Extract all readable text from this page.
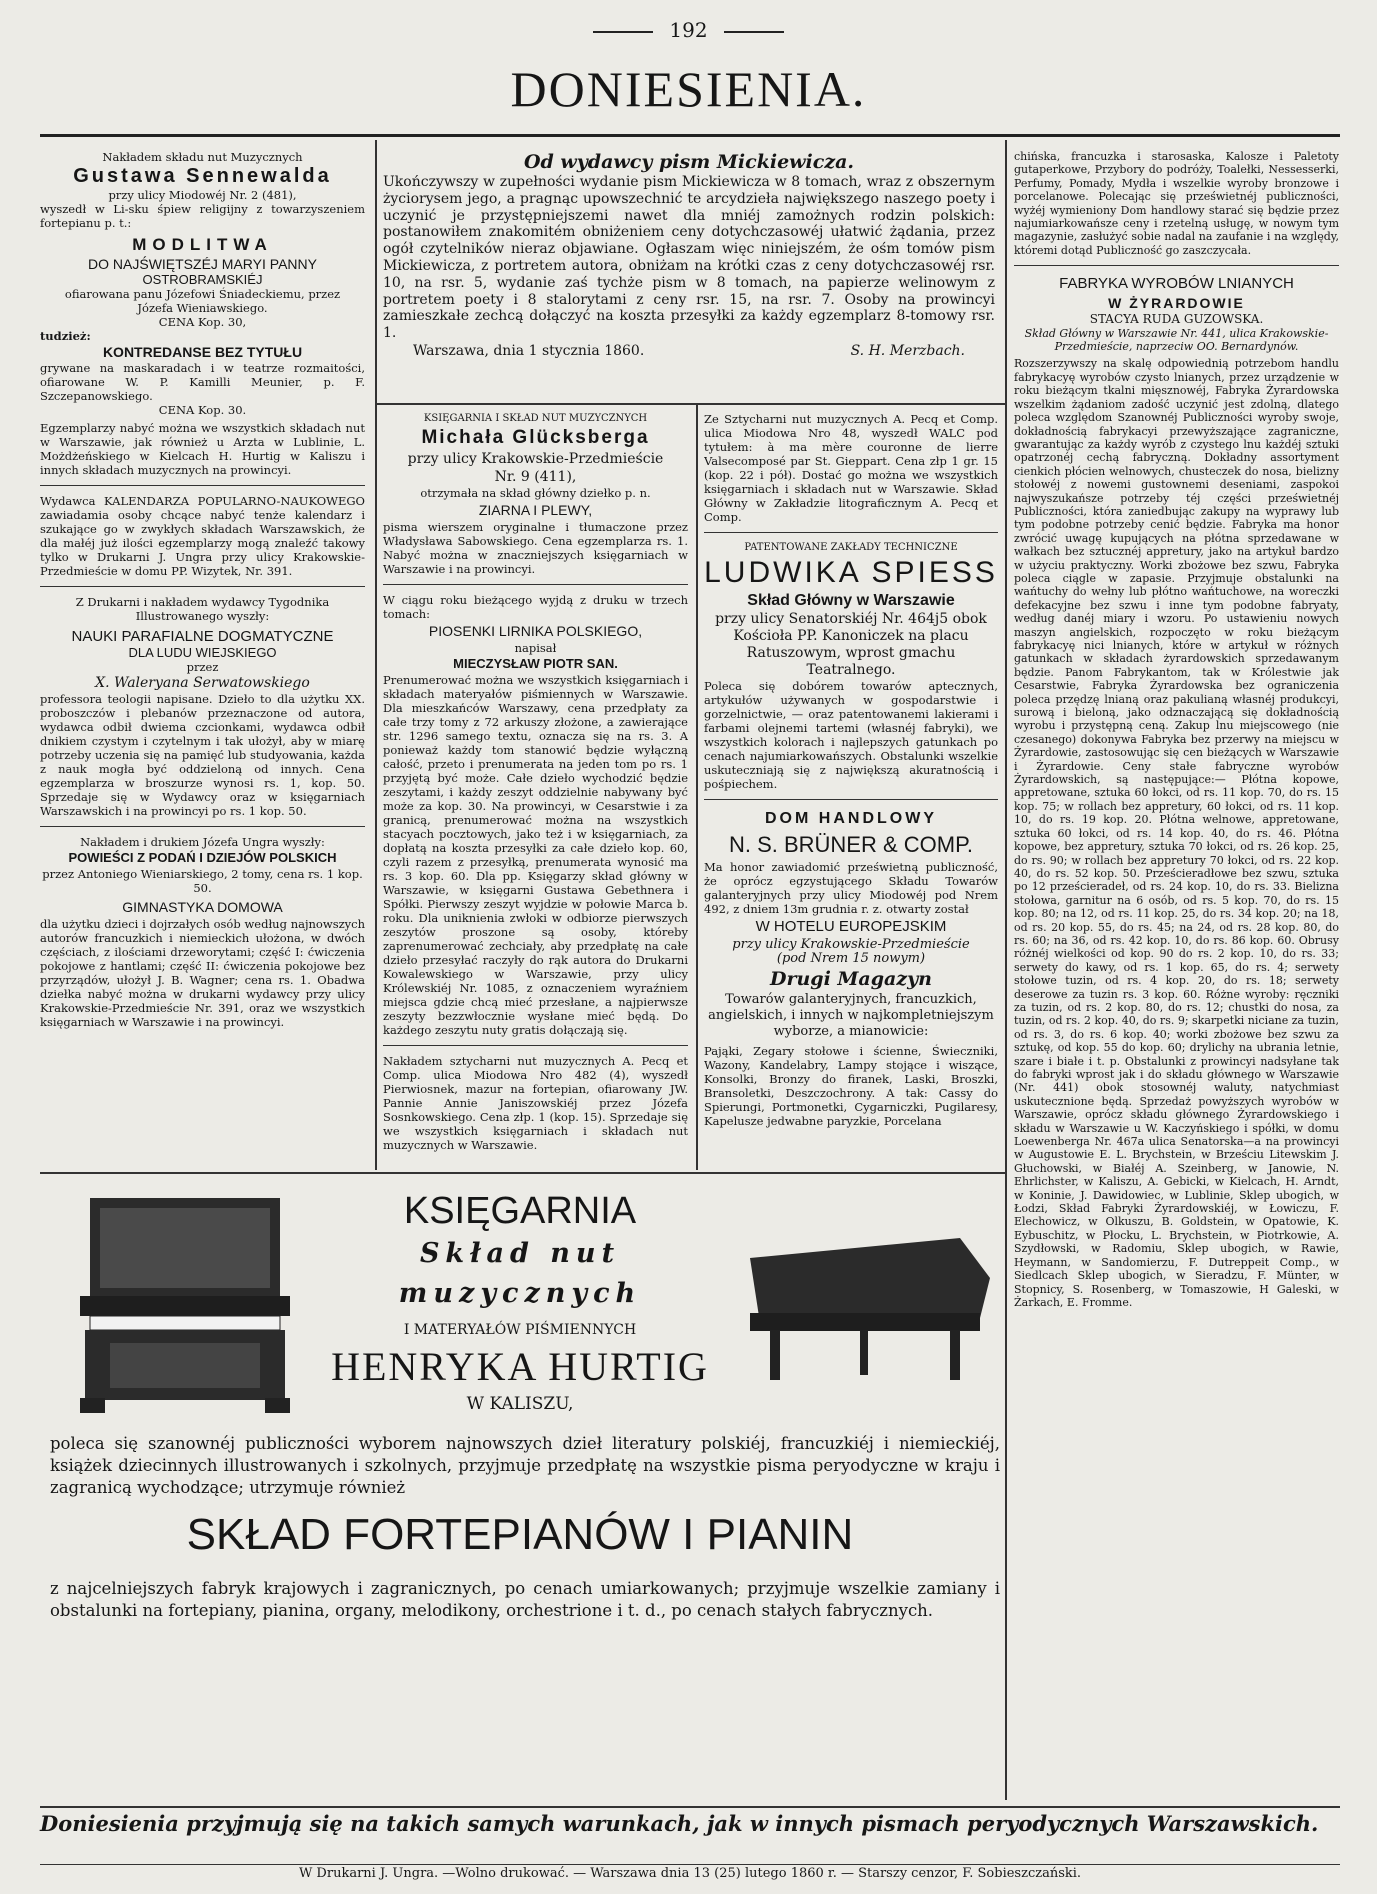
192
DONIESIENIA.
Nakładem składu nut Muzycznych
Gustawa Sennewalda
przy ulicy Miodowéj Nr. 2 (481),
wyszedł w Li-sku śpiew religijny z towarzyszeniem fortepianu p. t.:
MODLITWA
DO NAJŚWIĘTSZÉJ MARYI PANNY
OSTROBRAMSKIÉJ
ofiarowana panu Józefowi Śniadeckiemu, przez
Józefa Wieniawskiego.
CENA Kop. 30,
tudzież:
KONTREDANSE BEZ TYTUŁU
grywane na maskaradach i w teatrze rozmaitości, ofiarowane W. P. Kamilli Meunier, p. F. Szczepanowskiego.
CENA Kop. 30.
Egzemplarzy nabyć można we wszystkich składach nut w Warszawie, jak również u Arzta w Lublinie, L. Możdżeńskiego w Kielcach H. Hurtig w Kaliszu i innych składach muzycznych na prowincyi.
Wydawca KALENDARZA POPULARNO-NAUKOWEGO zawiadamia osoby chcące nabyć tenże kalendarz i szukające go w zwykłych składach Warszawskich, że dla małéj już ilości egzemplarzy mogą znaleźć takowy tylko w Drukarni J. Ungra przy ulicy Krakowskie-Przedmieście w domu PP. Wizytek, Nr. 391.
Z Drukarni i nakładem wydawcy Tygodnika Illustrowanego wyszły:
NAUKI PARAFIALNE DOGMATYCZNE
DLA LUDU WIEJSKIEGO
przez
X. Waleryana Serwatowskiego
professora teologii napisane. Dzieło to dla użytku XX. proboszczów i plebanów przeznaczone od autora, wydawca odbił dwiema czcionkami, wydawca odbił dnikiem czystym i czytelnym i tak ułożył, aby w miarę potrzeby uczenia się na pamięć lub studyowania, każda z nauk mogła być oddzieloną od innych. Cena egzemplarza w broszurze wynosi rs. 1, kop. 50. Sprzedaje się w Wydawcy oraz w księgarniach Warszawskich i na prowincyi po rs. 1 kop. 50.
Nakładem i drukiem Józefa Ungra wyszły:
POWIEŚCI Z PODAŃ I DZIEJÓW POLSKICH
przez Antoniego Wieniarskiego, 2 tomy, cena rs. 1 kop. 50.
GIMNASTYKA DOMOWA
dla użytku dzieci i dojrzałych osób według najnowszych autorów francuzkich i niemieckich ułożona, w dwóch częściach, z ilościami drzeworytami; część I: ćwiczenia pokojowe z hantlami; część II: ćwiczenia pokojowe bez przyrządów, ułożył J. B. Wagner; cena rs. 1. Obadwa dziełka nabyć można w drukarni wydawcy przy ulicy Krakowskie-Przedmieście Nr. 391, oraz we wszystkich księgarniach w Warszawie i na prowincyi.
Od wydawcy pism Mickiewicza.
Ukończywszy w zupełności wydanie pism Mickiewicza w 8 tomach, wraz z obszernym życiorysem jego, a pragnąc upowszechnić te arcydzieła największego naszego poety i uczynić je przystępniejszemi nawet dla mniéj zamożnych rodzin polskich: postanowiłem znakomitém obniżeniem ceny dotychczasowéj ułatwić żądania, przez ogół czytelników nieraz objawiane. Ogłaszam więc niniejszém, że ośm tomów pism Mickiewicza, z portretem autora, obniżam na krótki czas z ceny dotychczasowéj rsr. 10, na rsr. 5, wydanie zaś tychże pism w 8 tomach, na papierze welinowym z portretem poety i 8 stalorytami z ceny rsr. 15, na rsr. 7. Osoby na prowincyi zamieszkałe zechcą dołączyć na koszta przesyłki za każdy egzemplarz 8-tomowy rsr. 1.
Warszawa, dnia 1 stycznia 1860.	S. H. Merzbach.
KSIĘGARNIA I SKŁAD NUT MUZYCZNYCH
Michała Glücksberga
przy ulicy Krakowskie-Przedmieście
Nr. 9 (411),
otrzymała na skład główny dziełko p. n.
ZIARNA I PLEWY,
pisma wierszem oryginalne i tłumaczone przez Władysława Sabowskiego. Cena egzemplarza rs. 1. Nabyć można w znaczniejszych księgarniach w Warszawie i na prowincyi.
W ciągu roku bieżącego wyjdą z druku w trzech tomach:
PIOSENKI LIRNIKA POLSKIEGO,
napisał
MIECZYSŁAW PIOTR SAN.
Prenumerować można we wszystkich księgarniach i składach materyałów piśmiennych w Warszawie. Dla mieszkańców Warszawy, cena przedpłaty za całe trzy tomy z 72 arkuszy złożone, a zawierające str. 1296 samego textu, oznacza się na rs. 3. A ponieważ każdy tom stanowić będzie wyłączną całość, przeto i prenumerata na jeden tom po rs. 1 przyjętą być może. Całe dzieło wychodzić będzie zeszytami, i każdy zeszyt oddzielnie nabywany być może za kop. 30. Na prowincyi, w Cesarstwie i za granicą, prenumerować można na wszystkich stacyach pocztowych, jako też i w księgarniach, za dopłatą na koszta przesyłki za całe dzieło kop. 60, czyli razem z przesyłką, prenumerata wynosić ma rs. 3 kop. 60. Dla pp. Księgarzy skład główny w Warszawie, w księgarni Gustawa Gebethnera i Spółki. Pierwszy zeszyt wyjdzie w połowie Marca b. roku. Dla uniknienia zwłoki w odbiorze pierwszych zeszytów proszone są osoby, któreby zaprenumerować zechciały, aby przedpłatę na całe dzieło przesyłać raczyły do rąk autora do Drukarni Kowalewskiego w Warszawie, przy ulicy Królewskiéj Nr. 1085, z oznaczeniem wyraźniem miejsca gdzie chcą mieć przesłane, a najpierwsze zeszyty bezzwłocznie wysłane mieć będą. Do każdego zeszytu nuty gratis dołączają się.
Nakładem sztycharni nut muzycznych A. Pecq et Comp. ulica Miodowa Nro 482 (4), wyszedł Pierwiosnek, mazur na fortepian, ofiarowany JW. Pannie Annie Janiszowskiéj przez Józefa Sosnkowskiego. Cena złp. 1 (kop. 15). Sprzedaje się we wszystkich księgarniach i składach nut muzycznych w Warszawie.
Ze Sztycharni nut muzycznych A. Pecq et Comp. ulica Miodowa Nro 48, wyszedł WALC pod tytułem: à ma mère couronne de lierre Valsecomposé par St. Gieppart. Cena złp 1 gr. 15 (kop. 22 i pół). Dostać go można we wszystkich księgarniach i składach nut w Warszawie. Skład Główny w Zakładzie litograficznym A. Pecq et Comp.
PATENTOWANE ZAKŁADY TECHNICZNE
LUDWIKA SPIESS
Skład Główny w Warszawie
przy ulicy Senatorskiéj Nr. 464j5 obok Kościoła PP. Kanoniczek na placu Ratuszowym, wprost gmachu Teatralnego.
Poleca się dobórem towarów aptecznych, artykułów używanych w gospodarstwie i gorzelnictwie, — oraz patentowanemi lakierami i farbami olejnemi tartemi (własnéj fabryki), we wszystkich kolorach i najlepszych gatunkach po cenach najumiarkowańszych. Obstalunki wszelkie uskuteczniają się z największą akuratnością i pośpiechem.
DOM HANDLOWY
N. S. BRÜNER & COMP.
Ma honor zawiadomić prześwietną publiczność, że oprócz egzystującego Składu Towarów galanteryjnych przy ulicy Miodowéj pod Nrem 492, z dniem 13m grudnia r. z. otwarty został
W HOTELU EUROPEJSKIM
przy ulicy Krakowskie-Przedmieście
(pod Nrem 15 nowym)
Drugi Magazyn
Towarów galanteryjnych, francuzkich, angielskich, i innych w najkompletniejszym wyborze, a mianowicie:
Pająki, Zegary stołowe i ścienne, Świeczniki, Wazony, Kandelabry, Lampy stojące i wiszące, Konsolki, Bronzy do firanek, Laski, Broszki, Bransoletki, Deszczochrony. A tak: Cassy do Spierungi, Portmonetki, Cygarniczki, Pugilaresy, Kapelusze jedwabne paryzkie, Porcelana
chińska, francuzka i starosaska, Kalosze i Paletoty gutaperkowe, Przybory do podróży, Toalełki, Nessesserki, Perfumy, Pomady, Mydła i wszelkie wyroby bronzowe i porcelanowe. Polecając się prześwietnéj publiczności, wyżéj wymieniony Dom handlowy starać się będzie przez najumiarkowańsze ceny i rzetelną usługę, w nowym tym magazynie, zasłużyć sobie nadal na zaufanie i na względy, któremi dotąd Publiczność go zaszczycała.
FABRYKA WYROBÓW LNIANYCH
W ŻYRARDOWIE
STACYA RUDA GUZOWSKA.
Skład Główny w Warszawie Nr. 441, ulica Krakowskie-Przedmieście, naprzeciw OO. Bernardynów.
Rozszerzywszy na skalę odpowiednią potrzebom handlu fabrykacyę wyrobów czysto lnianych, przez urządzenie w roku bieżącym tkalni mięsznowéj, Fabryka Żyrardowska wszelkim żądaniom zadość uczynić jest zdolną, dlatego poleca względom Szanownéj Publiczności wyroby swoje, dokładnością fabrykacyi przewyższające zagraniczne, gwarantując za każdy wyrób z czystego lnu każdéj sztuki opatrzonéj cechą fabryczną. Dokładny assortyment cienkich płócien welnowych, chusteczek do nosa, bielizny stołowéj z nowemi gustownemi deseniami, zaspokoi najwyszukańsze potrzeby téj części prześwietnéj Publiczności, która zaniedbując zakupy na wyprawy lub tym podobne potrzeby cenić będzie. Fabryka ma honor zwrócić uwagę kupujących na płótna sprzedawane w wałkach bez sztucznéj appretury, jako na artykuł bardzo w użyciu praktyczny. Worki zbożowe bez szwu, Fabryka poleca ciągle w zapasie. Przyjmuje obstalunki na wańtuchy do wełny lub płótno wańtuchowe, na woreczki defekacyjne bez szwu i inne tym podobne fabryaty, według danéj miary i wzoru. Po ustawieniu nowych maszyn angielskich, rozpoczęto w roku bieżącym fabrykacyę nici lnianych, które w artykuł w różnych gatunkach w składach żyrardowskich sprzedawanym będzie. Panom Fabrykantom, tak w Królestwie jak Cesarstwie, Fabryka Żyrardowska bez ograniczenia poleca przędzę lnianą oraz pakulianą własnéj produkcyi, surową i bieloną, jako odznaczającą się dokładnością wyrobu i przystępną ceną. Zakup lnu miejscowego (nie czesanego) dokonywa Fabryka bez przerwy na miejscu w Żyrardowie, zastosowując się cen bieżących w Warszawie i Żyrardowie. Ceny stałe fabryczne wyrobów Żyrardowskich, są następujące:— Płótna kopowe, appretowane, sztuka 60 łokci, od rs. 11 kop. 70, do rs. 15 kop. 75; w rollach bez appretury, 60 łokci, od rs. 11 kop. 10, do rs. 19 kop. 20. Płótna welnowe, appretowane, sztuka 60 łokci, od rs. 14 kop. 40, do rs. 46. Płótna kopowe, bez appretury, sztuka 70 łokci, od rs. 26 kop. 25, do rs. 90; w rollach bez appretury 70 łokci, od rs. 22 kop. 40, do rs. 52 kop. 50. Prześcieradłowe bez szwu, sztuka po 12 prześcieradeł, od rs. 24 kop. 10, do rs. 33. Bielizna stołowa, garnitur na 6 osób, od rs. 5 kop. 70, do rs. 15 kop. 80; na 12, od rs. 11 kop. 25, do rs. 34 kop. 20; na 18, od rs. 20 kop. 55, do rs. 45; na 24, od rs. 28 kop. 80, do rs. 60; na 36, od rs. 42 kop. 10, do rs. 86 kop. 60. Obrusy różnéj wielkości od kop. 90 do rs. 2 kop. 10, do rs. 33; serwety do kawy, od rs. 1 kop. 65, do rs. 4; serwety stołowe tuzin, od rs. 4 kop. 20, do rs. 18; serwety deserowe za tuzin rs. 3 kop. 60. Różne wyroby: ręczniki za tuzin, od rs. 2 kop. 80, do rs. 12; chustki do nosa, za tuzin, od rs. 2 kop. 40, do rs. 9; skarpetki niciane za tuzin, od rs. 3, do rs. 6 kop. 40; worki zbożowe bez szwu za sztukę, od kop. 55 do kop. 60; drylichy na ubrania letnie, szare i białe i t. p. Obstalunki z prowincyi nadsyłane tak do fabryki wprost jak i do składu głównego w Warszawie (Nr. 441) obok stosownéj waluty, natychmiast uskutecznione będą. Sprzedaż powyższych wyrobów w Warszawie, oprócz składu głównego Żyrardowskiego i składu w Warszawie u W. Kaczyńskiego i spółki, w domu Loewenberga Nr. 467a ulica Senatorska—a na prowincyi w Augustowie E. L. Brychstein, w Brześciu Litewskim J. Głuchowski, w Białéj A. Szeinberg, w Janowie, N. Ehrlichster, w Kaliszu, A. Gebicki, w Kielcach, H. Arndt, w Koninie, J. Dawidowiec, w Lublinie, Sklep ubogich, w Łodzi, Skład Fabryki Żyrardowskiéj, w Łowiczu, F. Elechowicz, w Olkuszu, B. Goldstein, w Opatowie, K. Eybuschitz, w Płocku, L. Brychstein, w Piotrkowie, A. Szydłowski, w Radomiu, Sklep ubogich, w Rawie, Heymann, w Sandomierzu, F. Dutreppeit Comp., w Siedlcach Sklep ubogich, w Sieradzu, F. Münter, w Stopnicy, S. Rosenberg, w Tomaszowie, H Galeski, w Żarkach, E. Fromme.
KSIĘGARNIA
Skład nut muzycznych
I MATERYAŁÓW PIŚMIENNYCH
HENRYKA HURTIG
W KALISZU,
poleca się szanownéj publiczności wyborem najnowszych dzieł literatury polskiéj, francuzkiéj i niemieckiéj, książek dziecinnych illustrowanych i szkolnych, przyjmuje przedpłatę na wszystkie pisma peryodyczne w kraju i zagranicą wychodzące; utrzymuje również
SKŁAD FORTEPIANÓW I PIANIN
z najcelniejszych fabryk krajowych i zagranicznych, po cenach umiarkowanych; przyjmuje wszelkie zamiany i obstalunki na fortepiany, pianina, organy, melodikony, orchestrione i t. d., po cenach stałych fabrycznych.
Doniesienia przyjmują się na takich samych warunkach, jak w innych pismach peryodycznych Warszawskich.
W Drukarni J. Ungra. —Wolno drukować. — Warszawa dnia 13 (25) lutego 1860 r. — Starszy cenzor, F. Sobieszczański.
